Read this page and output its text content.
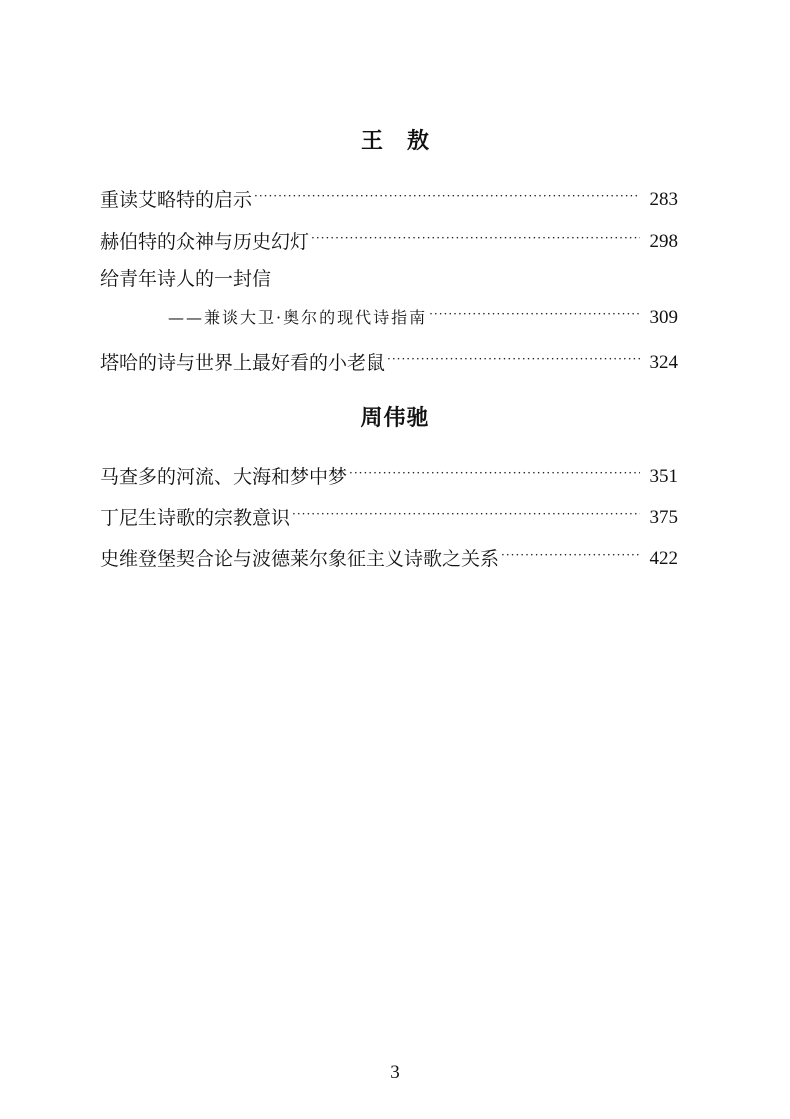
王敖
重读艾略特的启示 ·····	283
赫伯特的众神与历史幻灯 ·····	298
给青年诗人的一封信
——兼谈大卫·奥尔的现代诗指南 ·····	309
塔哈的诗与世界上最好看的小老鼠 ·····	324
周伟驰
马查多的河流、大海和梦中梦 ·····	351
丁尼生诗歌的宗教意识 ·····	375
史维登堡契合论与波德莱尔象征主义诗歌之关系 ·····	422
3
